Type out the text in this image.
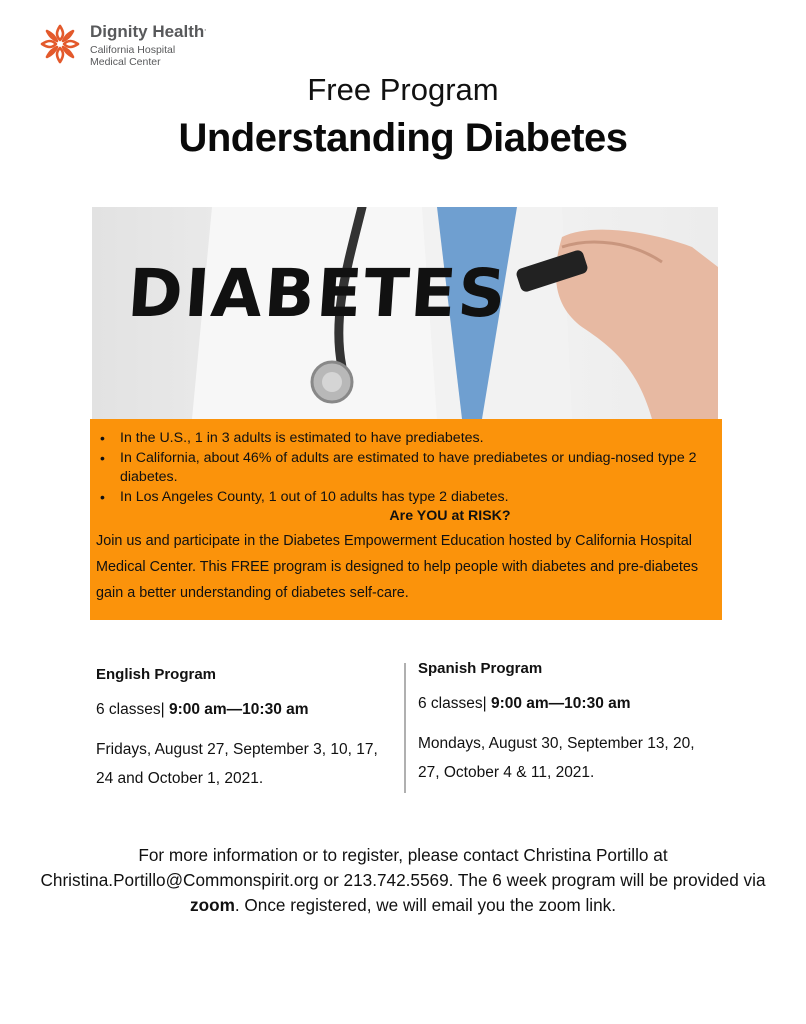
Dignity Health.
California Hospital
Medical Center
Free Program
Understanding Diabetes
DIABETES
• In the U.S., 1 in 3 adults is estimated to have prediabetes.
• In California, about 46% of adults are estimated to have prediabetes or undiag-nosed type 2 diabetes.
• In Los Angeles County, 1 out of 10 adults has type 2 diabetes.
Are YOU at RISK?

Join us and participate in the Diabetes Empowerment Education hosted by California Hospital Medical Center. This FREE program is designed to help people with diabetes and pre-diabetes gain a better understanding of diabetes self-care.

English Program
6 classes| 9:00 am—10:30 am
Fridays, August 27, September 3, 10, 17, 24 and October 1, 2021.
Spanish Program
6 classes| 9:00 am—10:30 am
Mondays, August 30, September 13, 20, 27, October 4 & 11, 2021.
For more information or to register, please contact Christina Portillo at Christina.Portillo@Commonspirit.org or 213.742.5569. The 6 week program will be provided via zoom. Once registered, we will email you the zoom link.
